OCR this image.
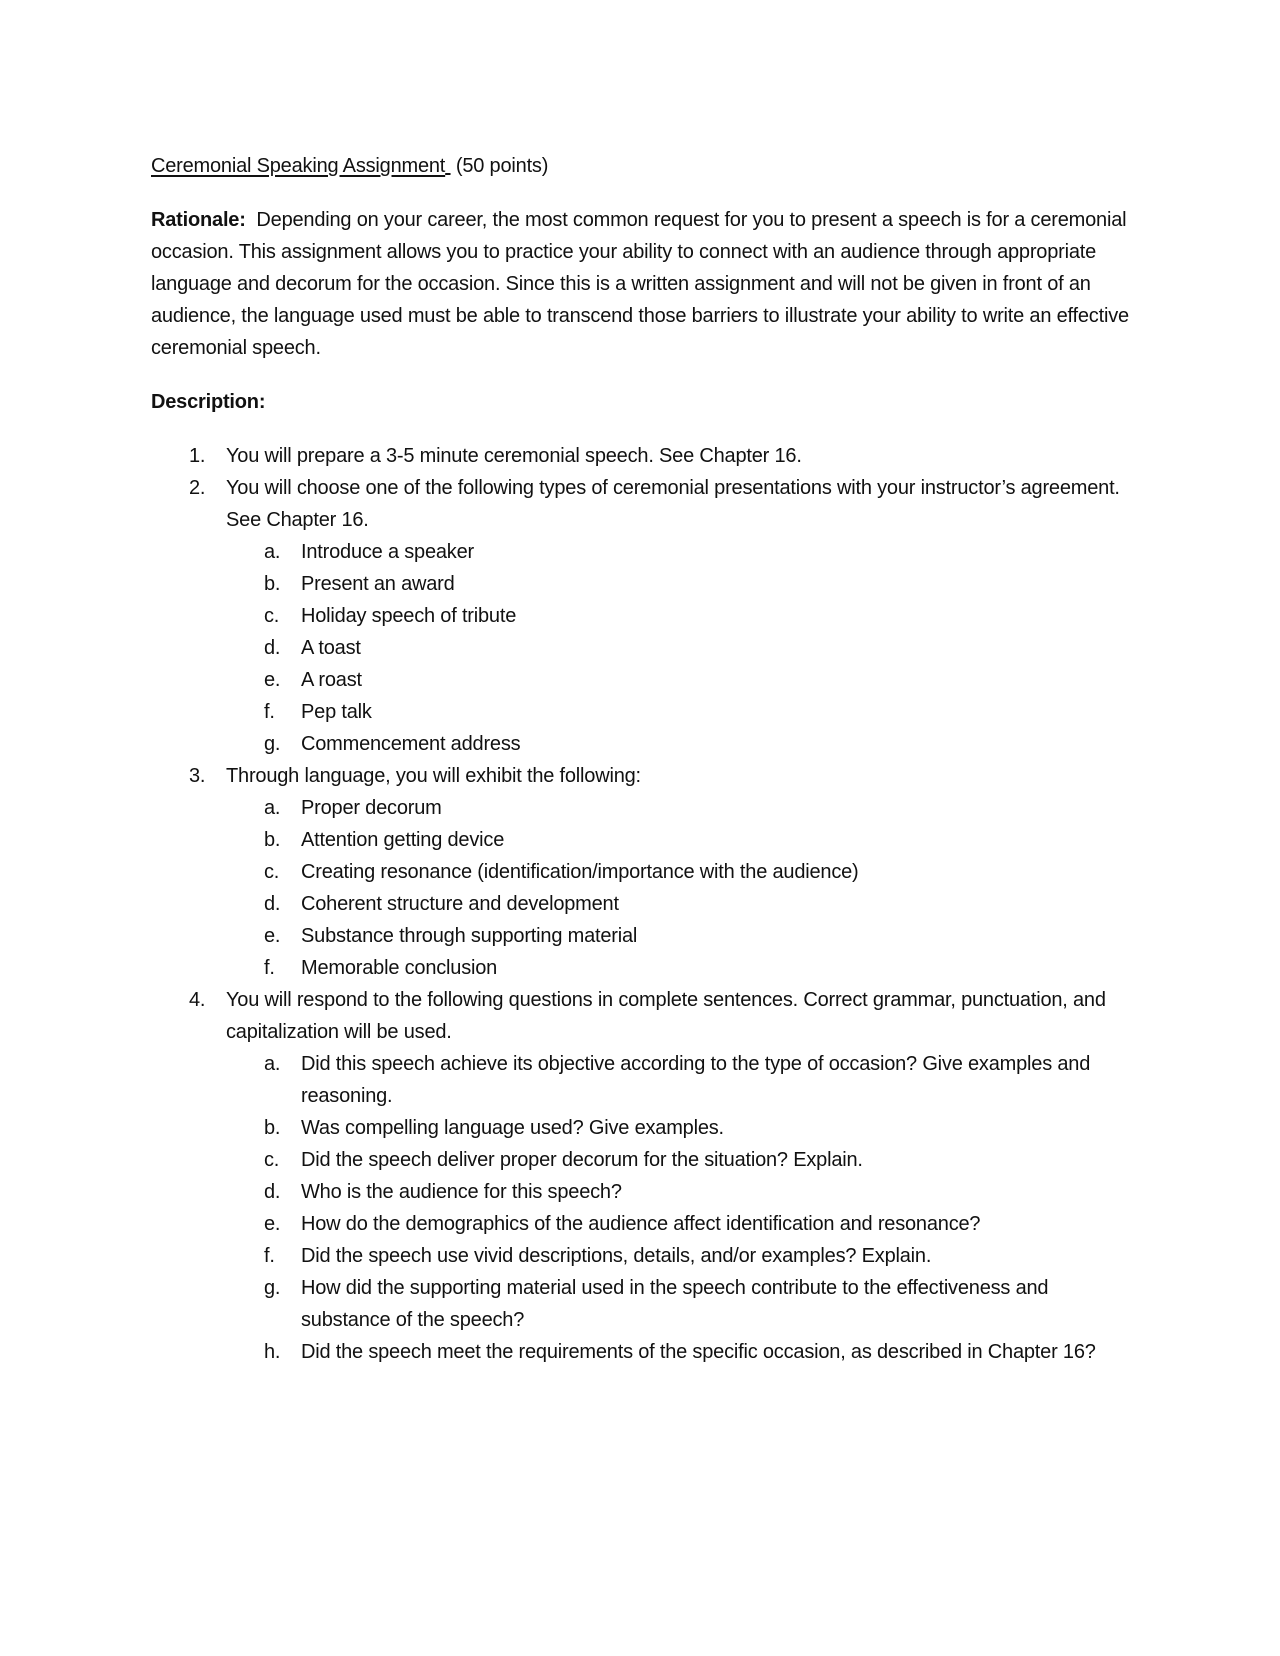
Ceremonial Speaking Assignment (50 points)

Rationale: Depending on your career, the most common request for you to present a speech is for a ceremonial occasion. This assignment allows you to practice your ability to connect with an audience through appropriate language and decorum for the occasion. Since this is a written assignment and will not be given in front of an audience, the language used must be able to transcend those barriers to illustrate your ability to write an effective ceremonial speech.

Description:

1. You will prepare a 3-5 minute ceremonial speech. See Chapter 16.
2. You will choose one of the following types of ceremonial presentations with your instructor’s agreement. See Chapter 16.
a. Introduce a speaker
b. Present an award
c. Holiday speech of tribute
d. A toast
e. A roast
f. Pep talk
g. Commencement address
3. Through language, you will exhibit the following:
a. Proper decorum
b. Attention getting device
c. Creating resonance (identification/importance with the audience)
d. Coherent structure and development
e. Substance through supporting material
f. Memorable conclusion
4. You will respond to the following questions in complete sentences. Correct grammar, punctuation, and capitalization will be used.
a. Did this speech achieve its objective according to the type of occasion? Give examples and reasoning.
b. Was compelling language used? Give examples.
c. Did the speech deliver proper decorum for the situation? Explain.
d. Who is the audience for this speech?
e. How do the demographics of the audience affect identification and resonance?
f. Did the speech use vivid descriptions, details, and/or examples? Explain.
g. How did the supporting material used in the speech contribute to the effectiveness and substance of the speech?
h. Did the speech meet the requirements of the specific occasion, as described in Chapter 16?
